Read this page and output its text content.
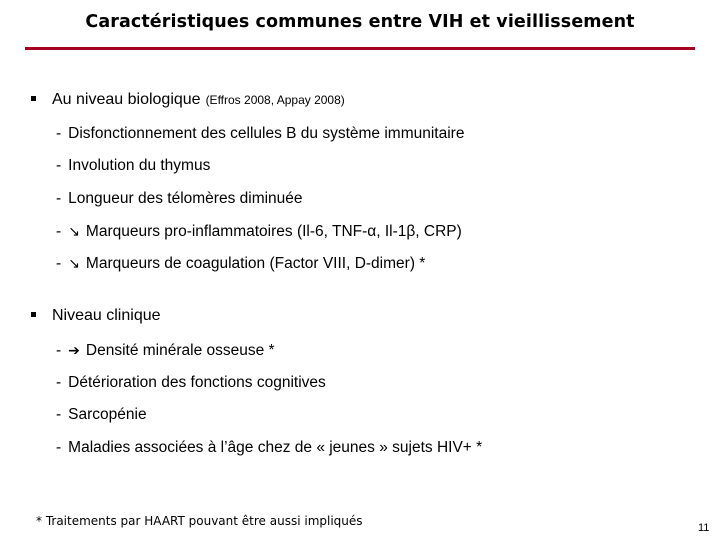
Caractéristiques communes entre VIH et vieillissement
Au niveau biologique (Effros 2008, Appay 2008)
- Disfonctionnement des cellules B du système immunitaire
- Involution du thymus
- Longueur des télomères diminuée
- ↘ Marqueurs pro-inflammatoires (Il-6, TNF-α, Il-1β, CRP)
- ↘ Marqueurs de coagulation (Factor VIII, D-dimer) *
Niveau clinique
- ➔ Densité minérale osseuse *
- Détérioration des fonctions cognitives
- Sarcopénie
- Maladies associées à l’âge chez de « jeunes » sujets HIV+ *
* Traitements par HAART pouvant être aussi impliqués	11
